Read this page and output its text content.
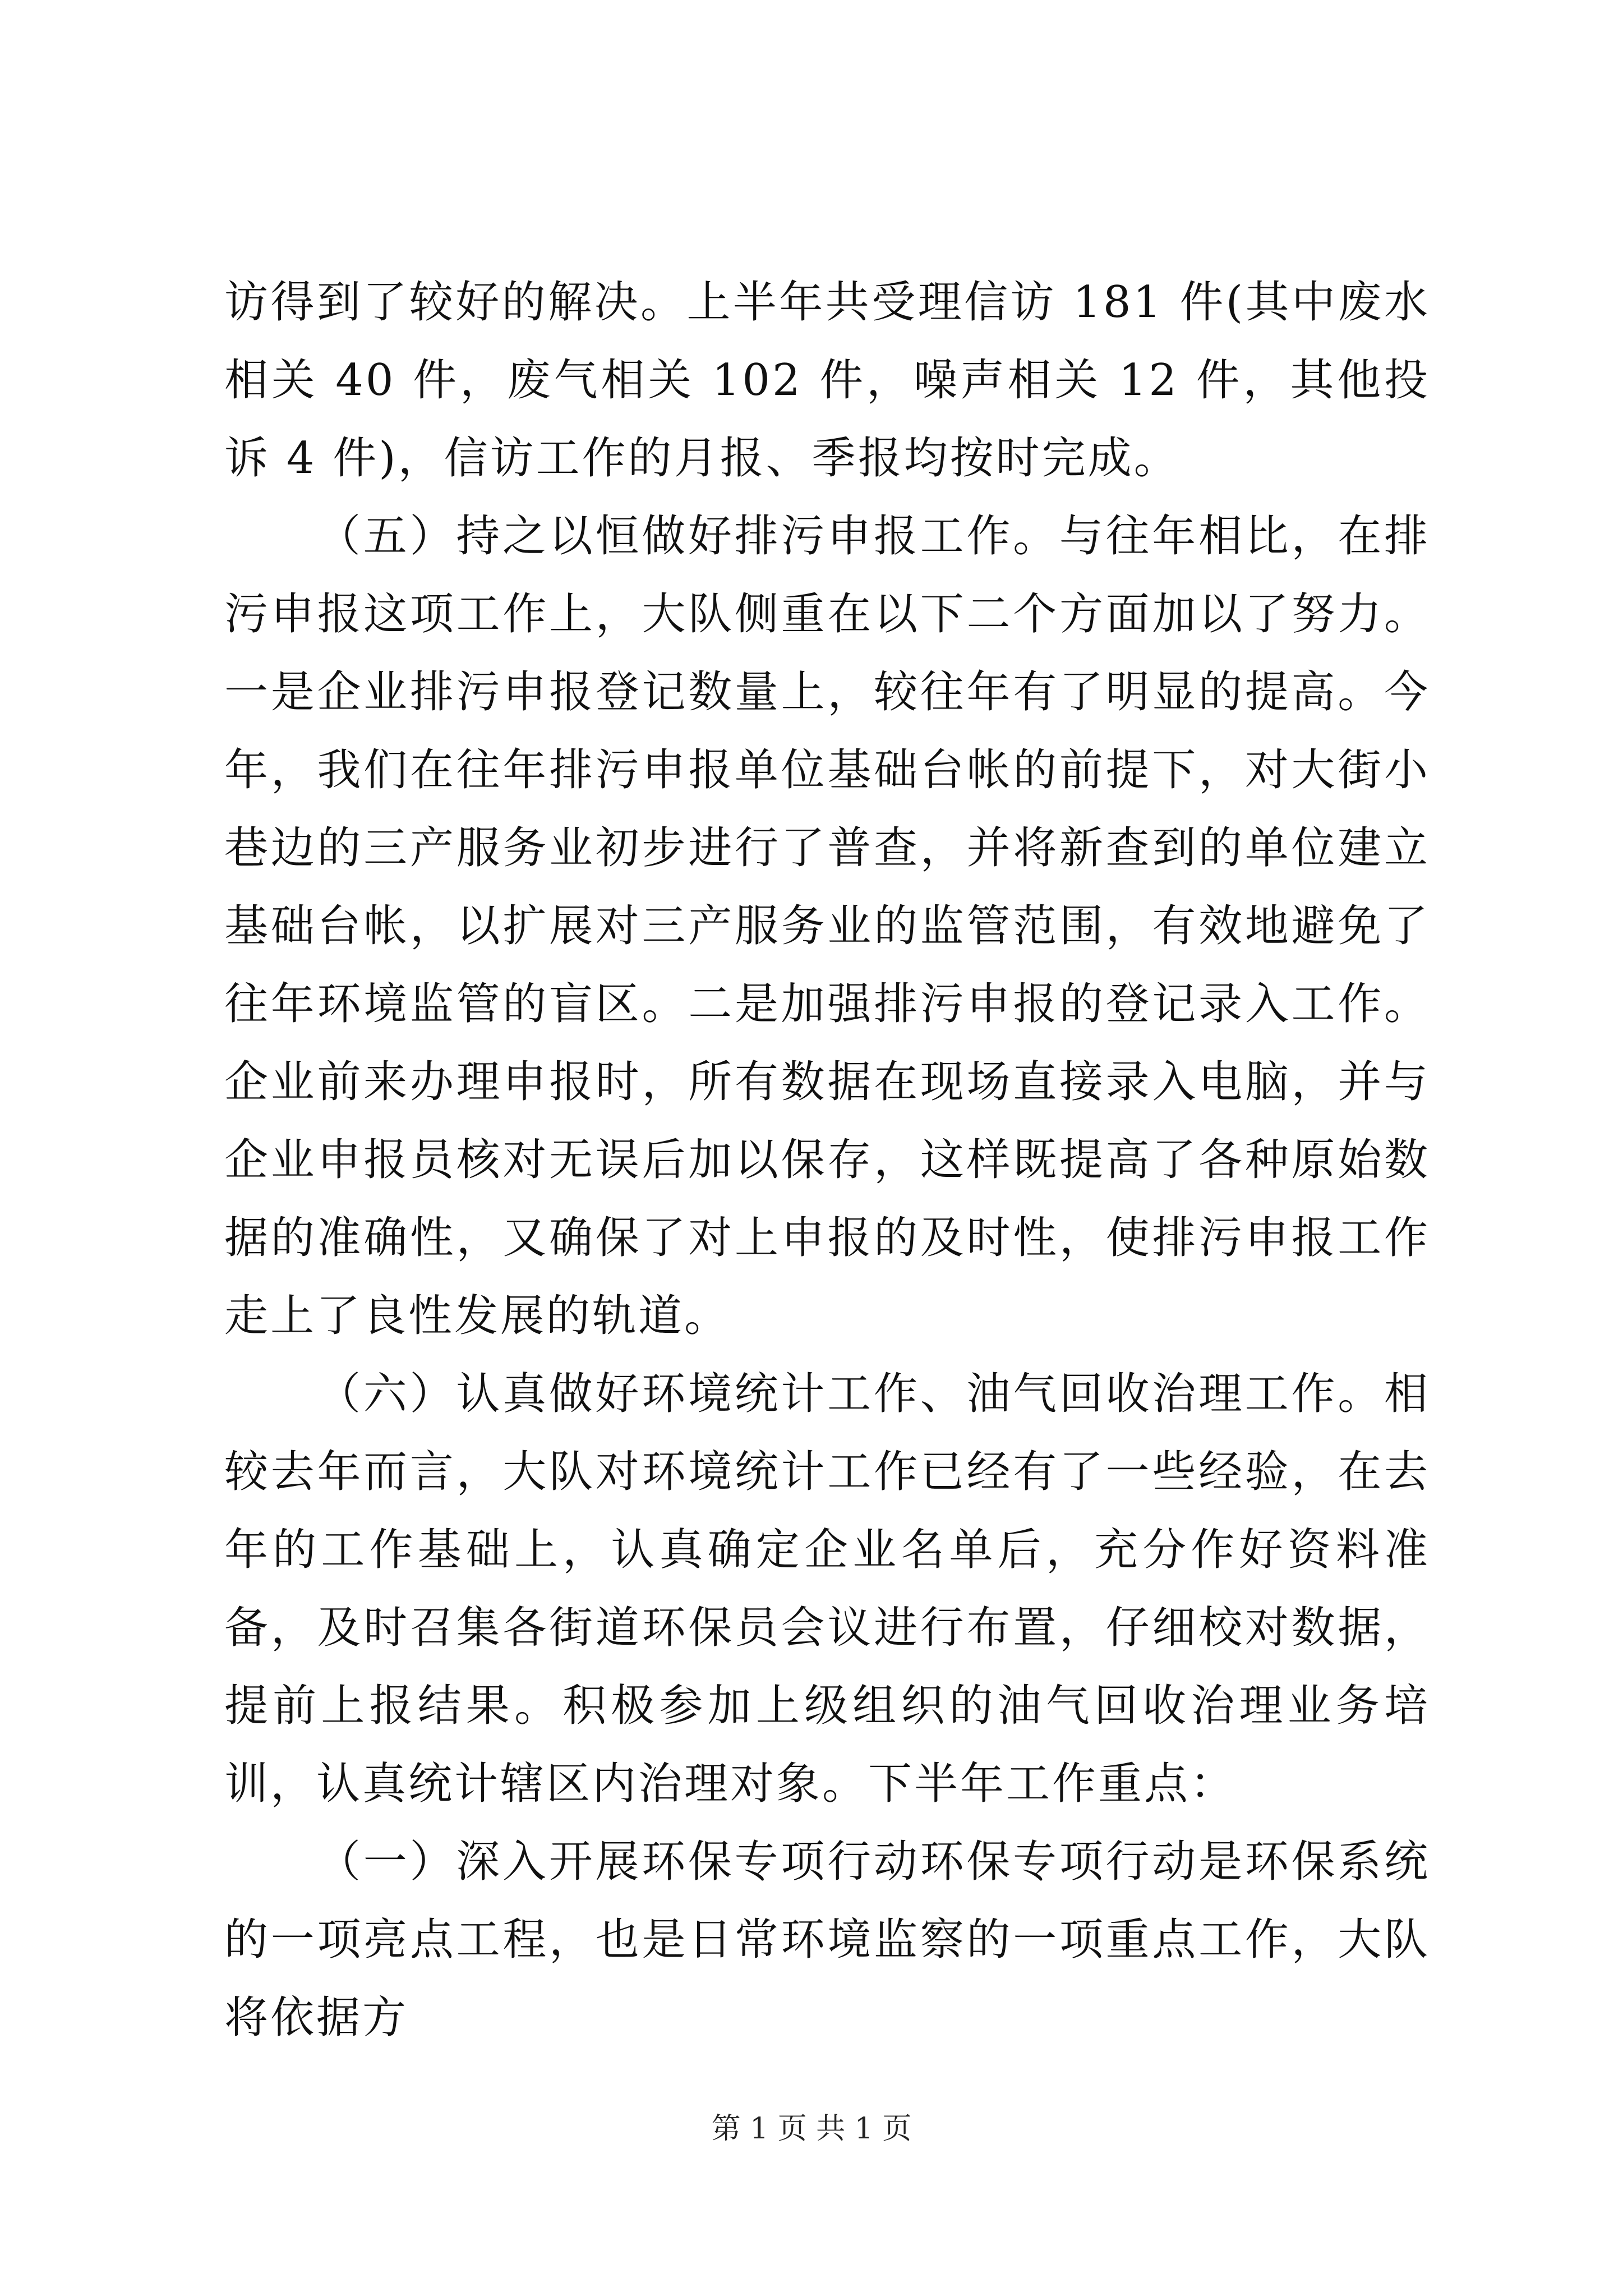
访得到了较好的解决。上半年共受理信访 181 件(其中废水相关 40 件，废气相关 102 件，噪声相关 12 件，其他投诉 4 件)，信访工作的月报、季报均按时完成。

（五）持之以恒做好排污申报工作。与往年相比，在排污申报这项工作上，大队侧重在以下二个方面加以了努力。一是企业排污申报登记数量上，较往年有了明显的提高。今年，我们在往年排污申报单位基础台帐的前提下，对大街小巷边的三产服务业初步进行了普查，并将新查到的单位建立基础台帐，以扩展对三产服务业的监管范围，有效地避免了往年环境监管的盲区。二是加强排污申报的登记录入工作。企业前来办理申报时，所有数据在现场直接录入电脑，并与企业申报员核对无误后加以保存，这样既提高了各种原始数据的准确性，又确保了对上申报的及时性，使排污申报工作走上了良性发展的轨道。

（六）认真做好环境统计工作、油气回收治理工作。相较去年而言，大队对环境统计工作已经有了一些经验，在去年的工作基础上，认真确定企业名单后，充分作好资料准备，及时召集各街道环保员会议进行布置，仔细校对数据，提前上报结果。积极参加上级组织的油气回收治理业务培训，认真统计辖区内治理对象。下半年工作重点：

（一）深入开展环保专项行动环保专项行动是环保系统的一项亮点工程，也是日常环境监察的一项重点工作，大队将依据方

第 1 页 共 1 页
